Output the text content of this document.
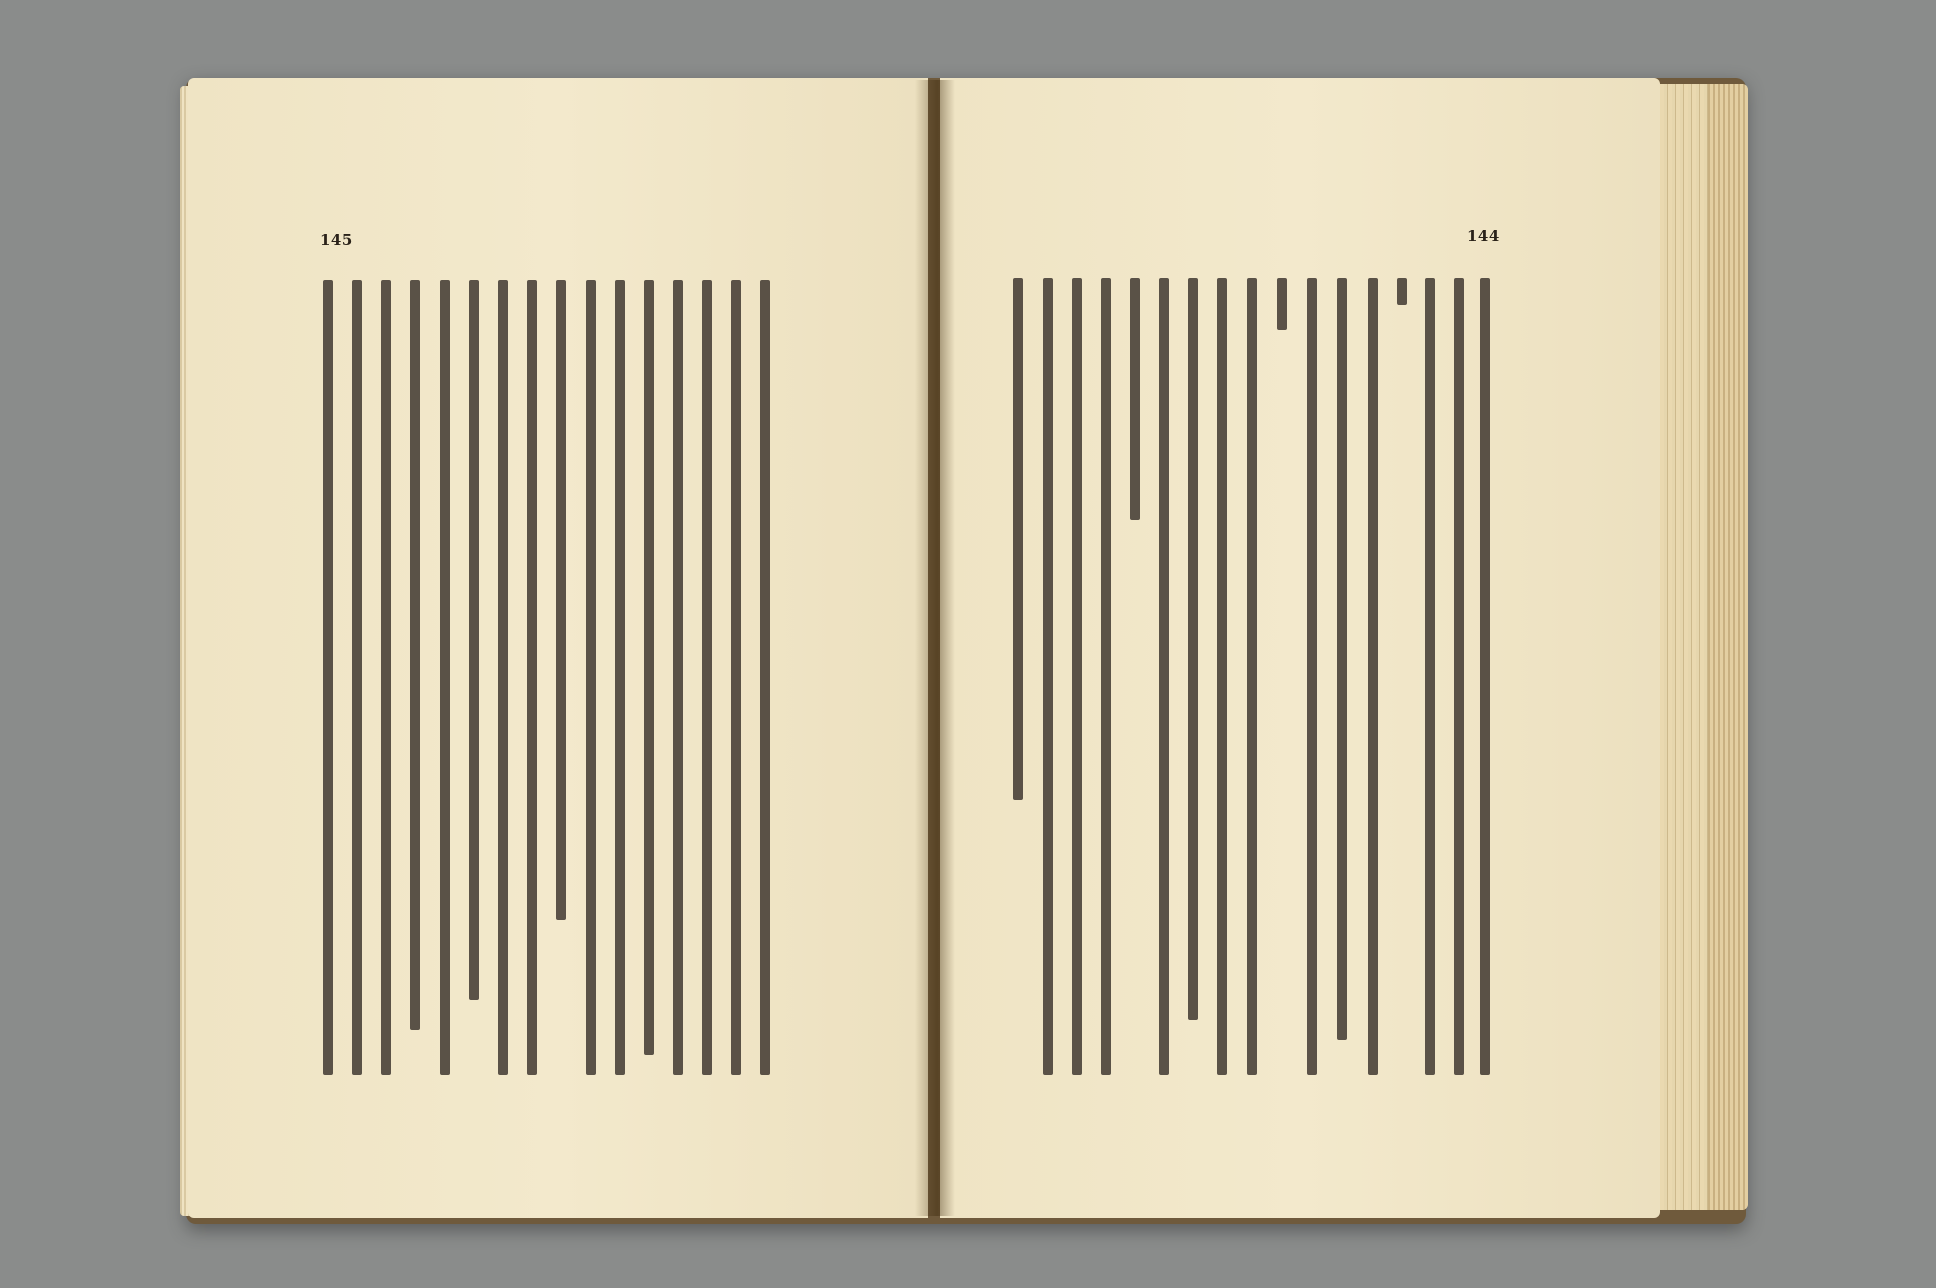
145	144
